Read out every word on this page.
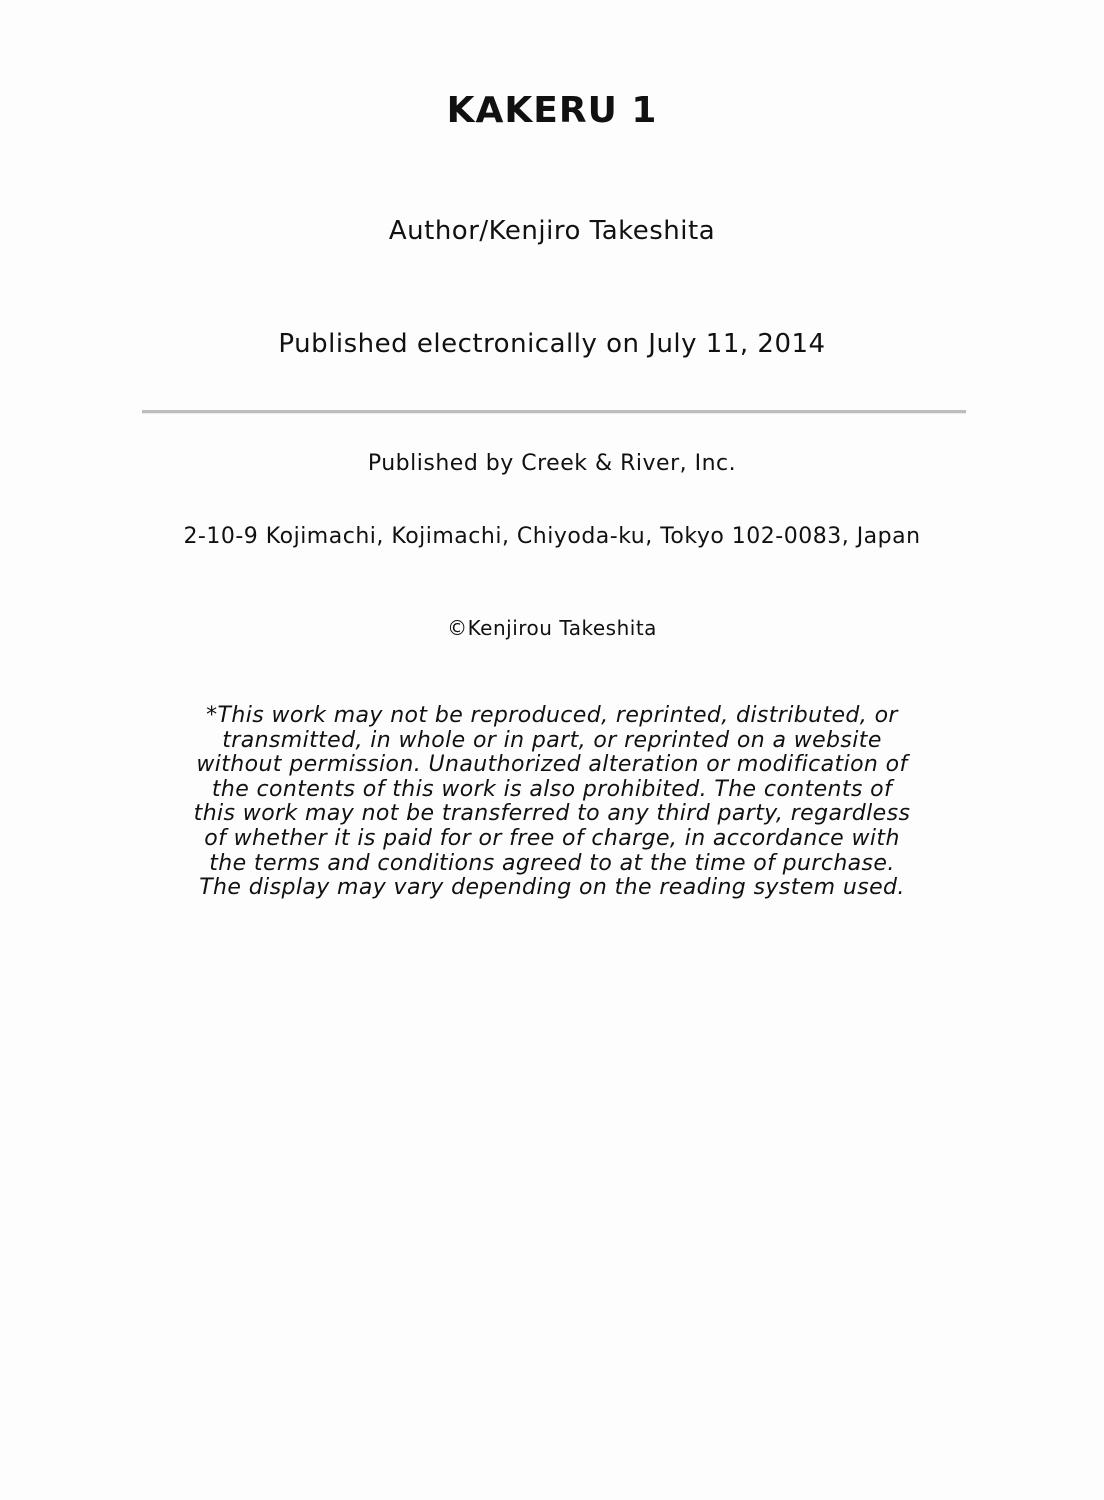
KAKERU 1
Author/Kenjiro Takeshita
Published electronically on July 11, 2014
Published by Creek & River, Inc.
2-10-9 Kojimachi, Kojimachi, Chiyoda-ku, Tokyo 102-0083, Japan
©Kenjirou Takeshita
*This work may not be reproduced, reprinted, distributed, or
transmitted, in whole or in part, or reprinted on a website
without permission. Unauthorized alteration or modification of
the contents of this work is also prohibited. The contents of
this work may not be transferred to any third party, regardless
of whether it is paid for or free of charge, in accordance with
the terms and conditions agreed to at the time of purchase.
The display may vary depending on the reading system used.
